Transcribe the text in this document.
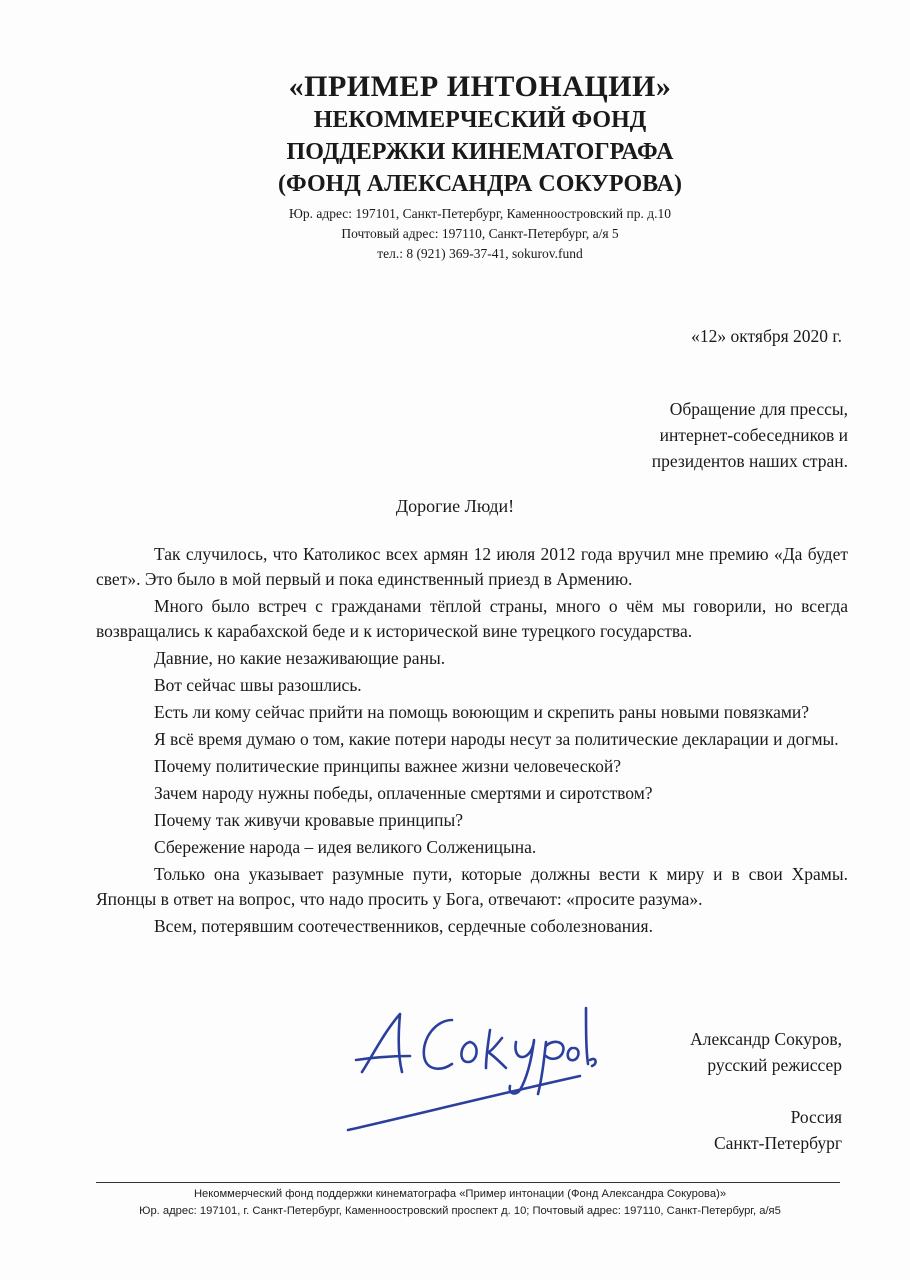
«ПРИМЕР ИНТОНАЦИИ»

НЕКОММЕРЧЕСКИЙ ФОНД

ПОДДЕРЖКИ КИНЕМАТОГРАФА

(ФОНД АЛЕКСАНДРА СОКУРОВА)

Юр. адрес: 197101, Санкт-Петербург, Каменноостровский пр. д.10

Почтовый адрес: 197110, Санкт-Петербург, а/я 5

тел.: 8 (921) 369-37-41, sokurov.fund

«12» октября 2020 г.
Обращение для прессы,
интернет-собеседников и
президентов наших стран.
Дорогие Люди!

Так случилось, что Католикос всех армян 12 июля 2012 года вручил мне премию «Да будет свет». Это было в мой первый и пока единственный приезд в Армению.

Много было встреч с гражданами тёплой страны, много о чём мы говорили, но всегда возвращались к карабахской беде и к исторической вине турецкого государства.

Давние, но какие незаживающие раны.

Вот сейчас швы разошлись.

Есть ли кому сейчас прийти на помощь воюющим и скрепить раны новыми повязками?

Я всё время думаю о том, какие потери народы несут за политические декларации и догмы.

Почему политические принципы важнее жизни человеческой?

Зачем народу нужны победы, оплаченные смертями и сиротством?

Почему так живучи кровавые принципы?

Сбережение народа – идея великого Солженицына.

Только она указывает разумные пути, которые должны вести к миру и в свои Храмы. Японцы в ответ на вопрос, что надо просить у Бога, отвечают: «просите разума».

Всем, потерявшим соотечественников, сердечные соболезнования.

Александр Сокуров,
русский режиссер
Россия
Санкт-Петербург
Некоммерческий фонд поддержки кинематографа «Пример интонации (Фонд Александра Сокурова)»
Юр. адрес: 197101, г. Санкт-Петербург, Каменноостровский проспект д. 10; Почтовый адрес: 197110, Санкт-Петербург, а/я5
